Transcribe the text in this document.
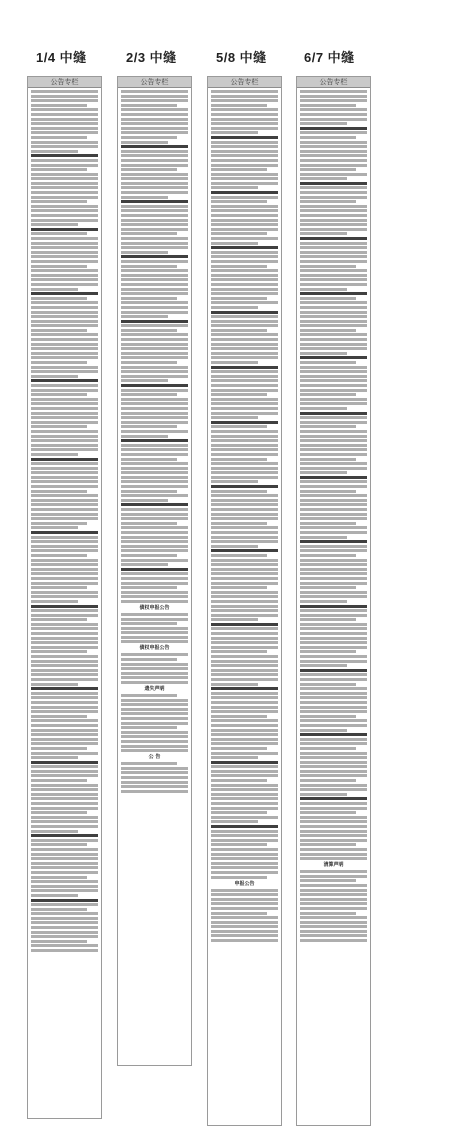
1/4 中缝	2/3 中缝	5/8 中缝	6/7 中缝
公告专栏	公告专栏
债权申报公告
债权申报公告
遗失声明
公 告
公告专栏
申报公告
公告专栏
清算声明
